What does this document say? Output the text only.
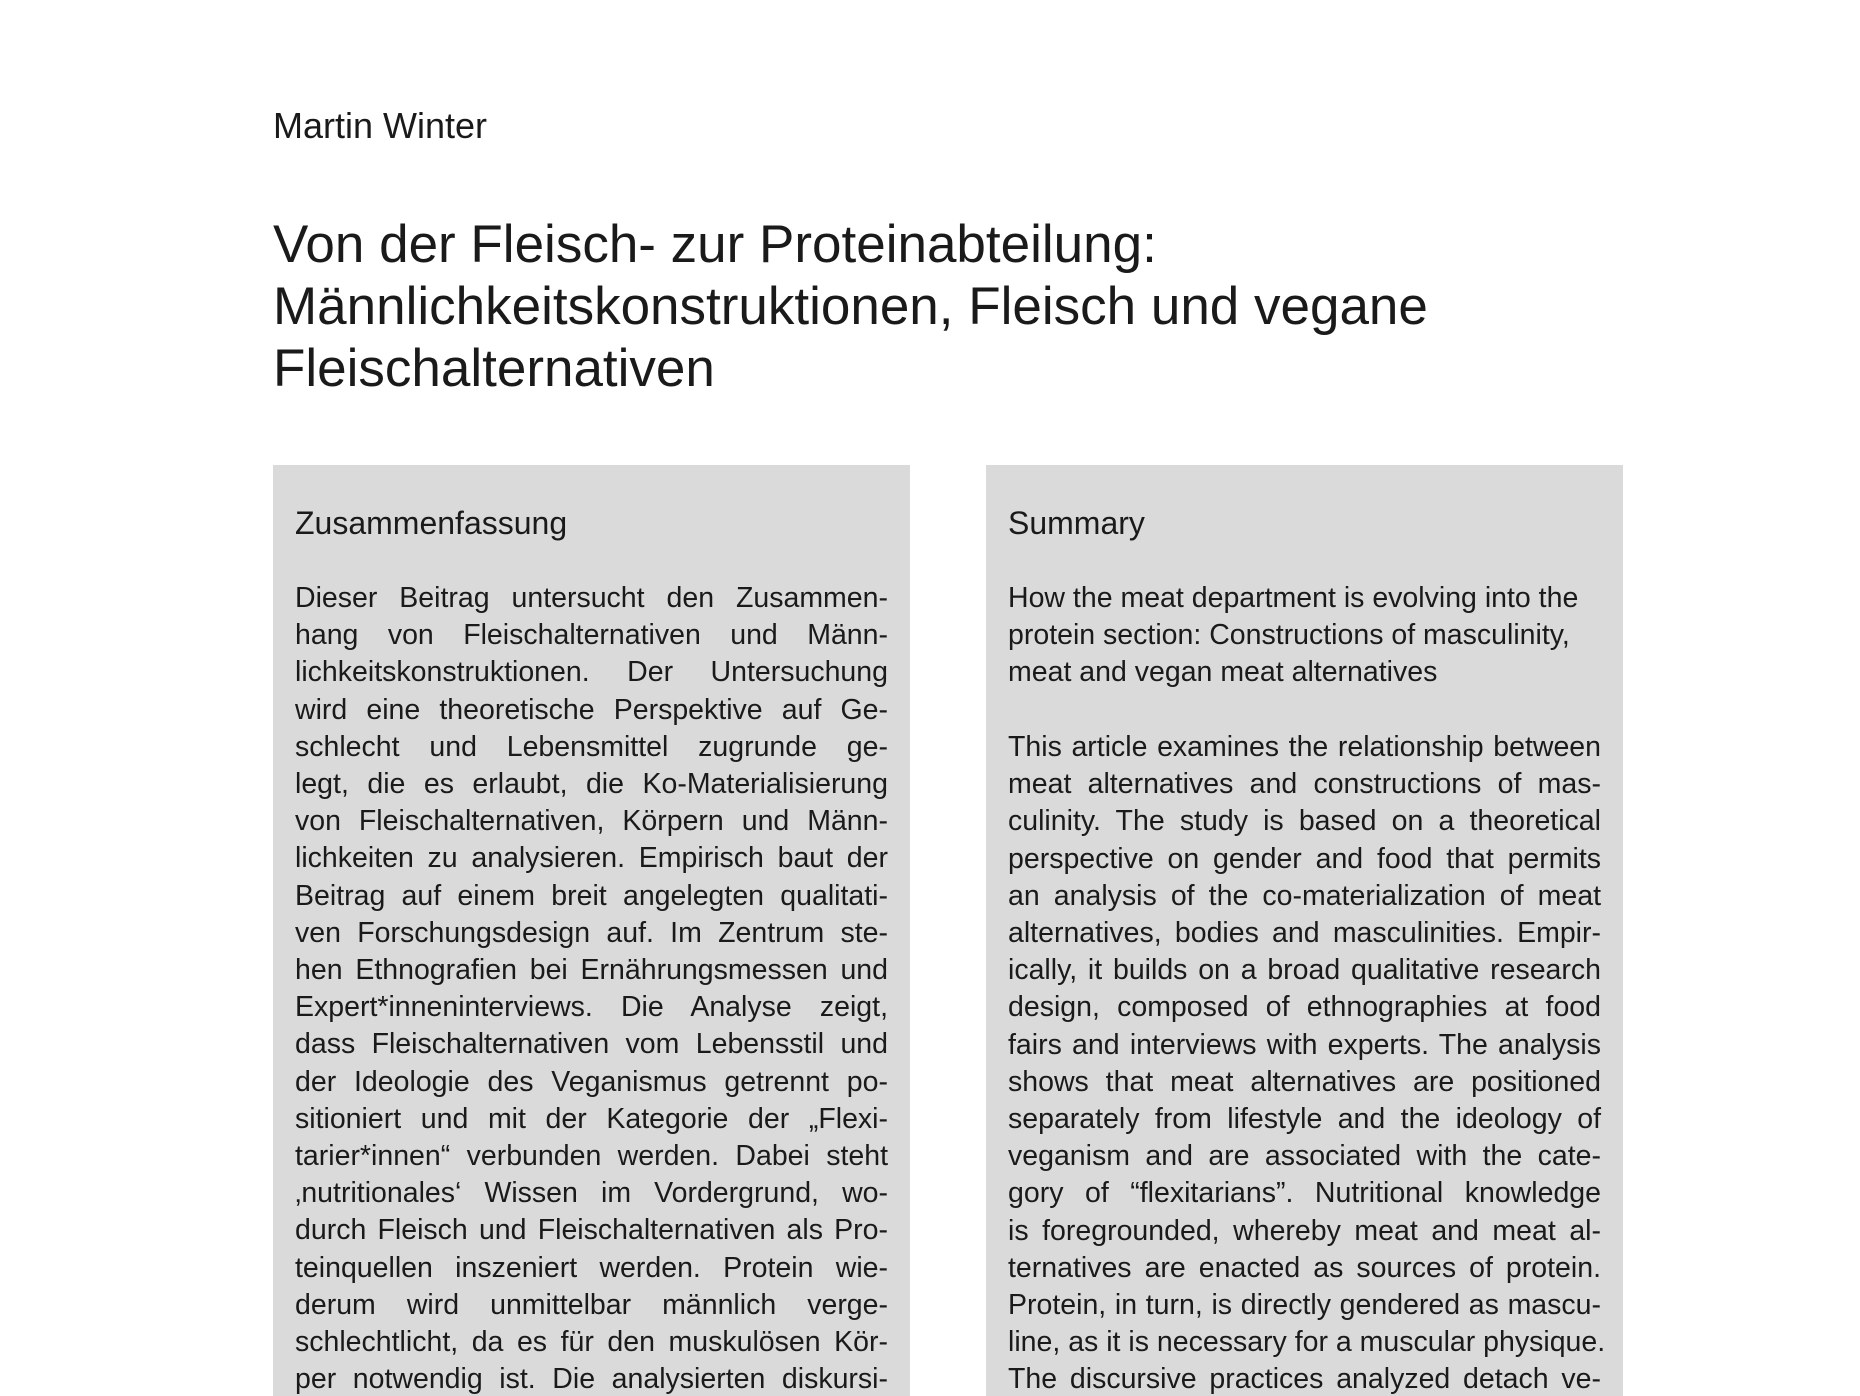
Martin Winter
Von der Fleisch- zur Proteinabteilung:
Männlichkeitskonstruktionen, Fleisch und vegane
Fleischalternativen
Zusammenfassung
Dieser Beitrag untersucht den Zusammen-
hang von Fleischalternativen und Männ-
lichkeitskonstruktionen. Der Untersuchung
wird eine theoretische Perspektive auf Ge-
schlecht und Lebensmittel zugrunde ge-
legt, die es erlaubt, die Ko-Materialisierung
von Fleischalternativen, Körpern und Männ-
lichkeiten zu analysieren. Empirisch baut der
Beitrag auf einem breit angelegten qualitati-
ven Forschungsdesign auf. Im Zentrum ste-
hen Ethnografien bei Ernährungsmessen und
Expert*inneninterviews. Die Analyse zeigt,
dass Fleischalternativen vom Lebensstil und
der Ideologie des Veganismus getrennt po-
sitioniert und mit der Kategorie der „Flexi-
tarier*innen“ verbunden werden. Dabei steht
‚nutritionales‘ Wissen im Vordergrund, wo-
durch Fleisch und Fleischalternativen als Pro-
teinquellen inszeniert werden. Protein wie-
derum wird unmittelbar männlich verge-
schlechtlicht, da es für den muskulösen Kör-
per notwendig ist. Die analysierten diskursi-
Summary
How the meat department is evolving into the
protein section: Constructions of masculinity,
meat and vegan meat alternatives
This article examines the relationship between
meat alternatives and constructions of mas-
culinity. The study is based on a theoretical
perspective on gender and food that permits
an analysis of the co-materialization of meat
alternatives, bodies and masculinities. Empir-
ically, it builds on a broad qualitative research
design, composed of ethnographies at food
fairs and interviews with experts. The analysis
shows that meat alternatives are positioned
separately from lifestyle and the ideology of
veganism and are associated with the cate-
gory of “flexitarians”. Nutritional knowledge
is foregrounded, whereby meat and meat al-
ternatives are enacted as sources of protein.
Protein, in turn, is directly gendered as mascu-
line, as it is necessary for a muscular physique.
The discursive practices analyzed detach ve-
